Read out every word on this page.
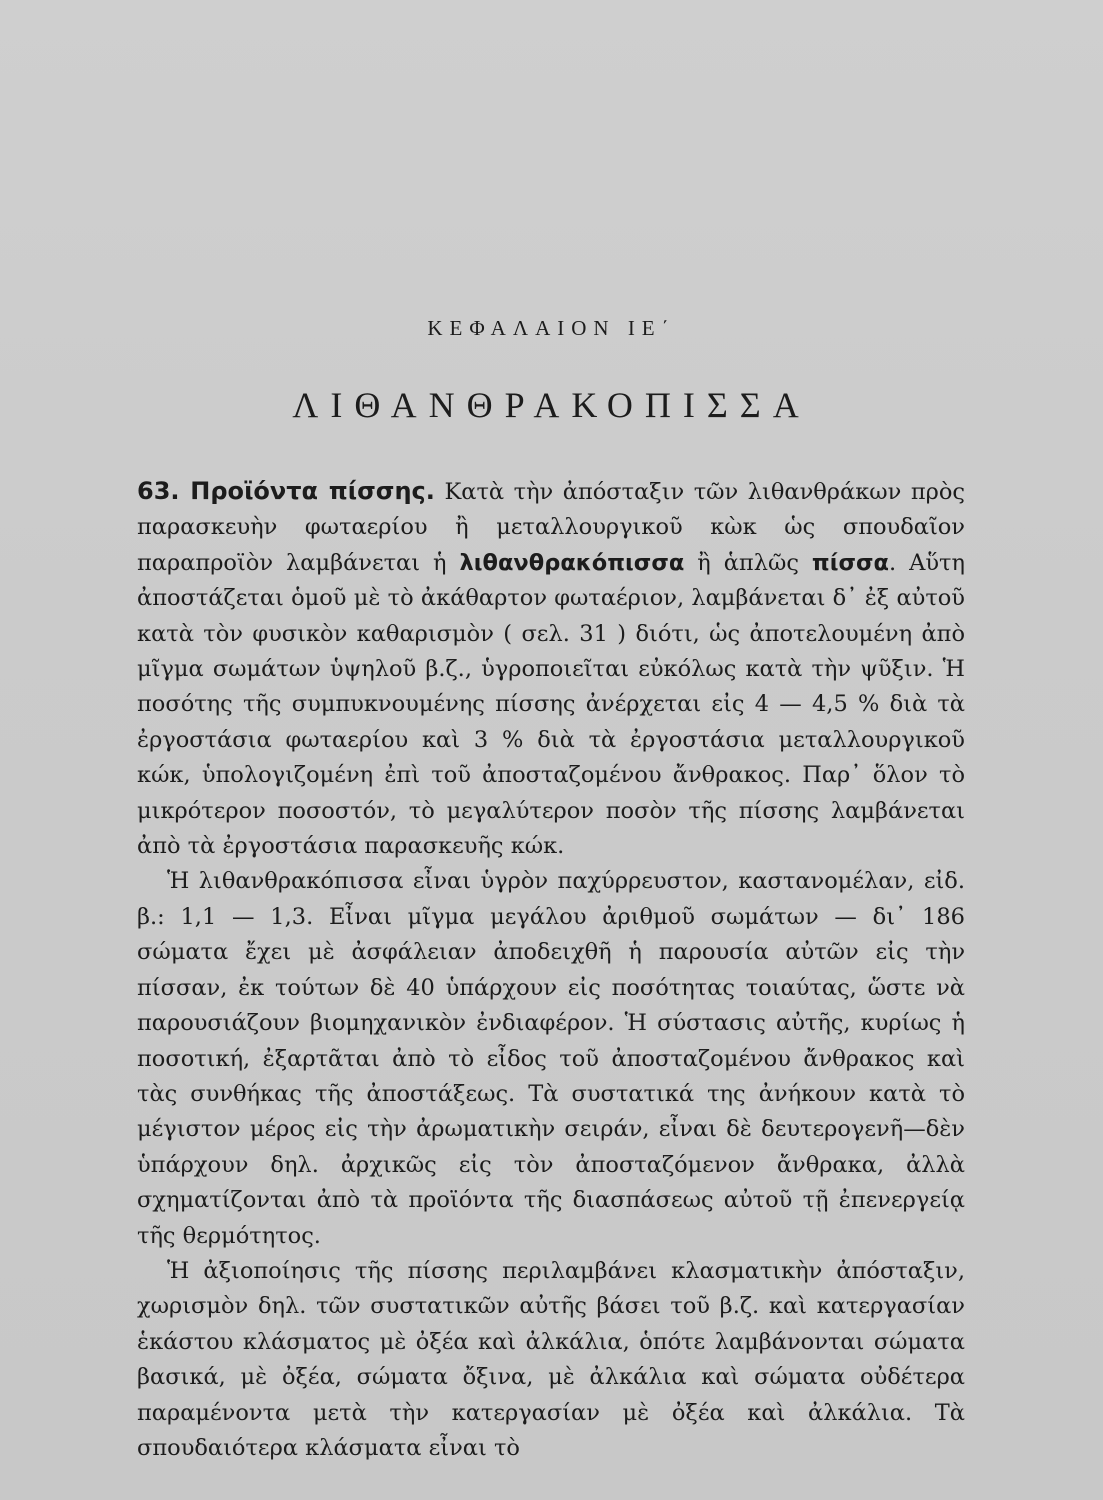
ΚΕΦΑΛΑΙΟΝ ΙΕ΄
ΛΙΘΑΝΘΡΑΚΟΠΙΣΣΑ

63. Προϊόντα πίσσης. Κατὰ τὴν ἀπόσταξιν τῶν λιθανθράκων πρὸς παρασκευὴν φωταερίου ἢ μεταλλουργικοῦ κὼκ ὡς σπουδαῖον παραπροϊὸν λαμβάνεται ἡ λιθανθρακόπισσα ἢ ἁπλῶς πίσσα. Αὕτη ἀποστάζεται ὁμοῦ μὲ τὸ ἀκάθαρτον φωταέριον, λαμβάνεται δ᾿ ἐξ αὐτοῦ κατὰ τὸν φυσικὸν καθαρισμὸν ( σελ. 31 ) διότι, ὡς ἀποτελουμένη ἀπὸ μῖγμα σωμάτων ὑψηλοῦ β.ζ., ὑγροποιεῖται εὐκόλως κατὰ τὴν ψῦξιν. Ἡ ποσότης τῆς συμπυκνουμένης πίσσης ἀνέρχεται εἰς 4 — 4,5 % διὰ τὰ ἐργοστάσια φωταερίου καὶ 3 % διὰ τὰ ἐργοστάσια μεταλλουργικοῦ κώκ, ὑπολογιζομένη ἐπὶ τοῦ ἀποσταζομένου ἄνθρακος. Παρ᾿ ὅλον τὸ μικρότερον ποσοστόν, τὸ μεγαλύτερον ποσὸν τῆς πίσσης λαμβάνεται ἀπὸ τὰ ἐργοστάσια παρασκευῆς κώκ.

Ἡ λιθανθρακόπισσα εἶναι ὑγρὸν παχύρρευστον, καστανομέλαν, εἰδ. β.: 1,1 — 1,3. Εἶναι μῖγμα μεγάλου ἀριθμοῦ σωμάτων — δι᾿ 186 σώματα ἔχει μὲ ἀσφάλειαν ἀποδειχθῆ ἡ παρουσία αὐτῶν εἰς τὴν πίσσαν, ἐκ τούτων δὲ 40 ὑπάρχουν εἰς ποσότητας τοιαύτας, ὥστε νὰ παρουσιάζουν βιομηχανικὸν ἐνδιαφέρον. Ἡ σύστασις αὐτῆς, κυρίως ἡ ποσοτική, ἐξαρτᾶται ἀπὸ τὸ εἶδος τοῦ ἀποσταζομένου ἄνθρακος καὶ τὰς συνθήκας τῆς ἀποστάξεως. Τὰ συστατικά της ἀνήκουν κατὰ τὸ μέγιστον μέρος εἰς τὴν ἀρωματικὴν σειράν, εἶναι δὲ δευτερογενῆ—δὲν ὑπάρχουν δηλ. ἀρχικῶς εἰς τὸν ἀποσταζόμενον ἄνθρακα, ἀλλὰ σχηματίζονται ἀπὸ τὰ προϊόντα τῆς διασπάσεως αὐτοῦ τῇ ἐπενεργείᾳ τῆς θερμότητος.

Ἡ ἀξιοποίησις τῆς πίσσης περιλαμβάνει κλασματικὴν ἀπόσταξιν, χωρισμὸν δηλ. τῶν συστατικῶν αὐτῆς βάσει τοῦ β.ζ. καὶ κατεργασίαν ἑκάστου κλάσματος μὲ ὀξέα καὶ ἀλκάλια, ὁπότε λαμβάνονται σώματα βασικά, μὲ ὀξέα, σώματα ὄξινα, μὲ ἀλκάλια καὶ σώματα οὐδέτερα παραμένοντα μετὰ τὴν κατεργασίαν μὲ ὀξέα καὶ ἀλκάλια. Τὰ σπουδαιότερα κλάσματα εἶναι τὸ
